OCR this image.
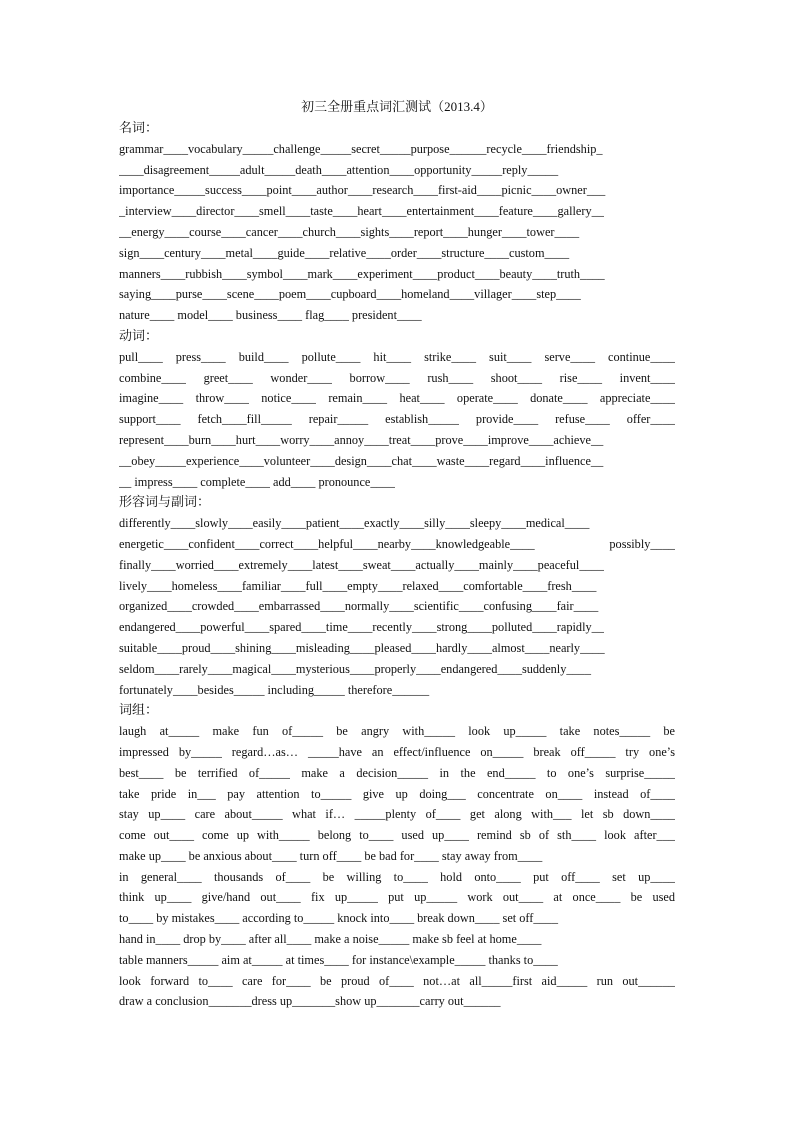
初三全册重点词汇测试（2013.4）
名词：
grammar____vocabulary_____challenge_____secret_____purpose______recycle____friendship_
____disagreement_____adult_____death____attention____opportunity_____reply_____
importance_____success____point____author____research____first-aid____picnic____owner___
_interview____director____smell____taste____heart____entertainment____feature____gallery__
__energy____course____cancer____church____sights____report____hunger____tower____
sign____century____metal____guide____relative____order____structure____custom____
manners____rubbish____symbol____mark____experiment____product____beauty____truth____
saying____purse____scene____poem____cupboard____homeland____villager____step____
nature____ model____ business____ flag____ president____
动词：
pull____ press____ build____ pollute____ hit____ strike____ suit____ serve____ continue____
combine____ greet____ wonder____ borrow____ rush____ shoot____ rise____ invent____
imagine____ throw____ notice____ remain____ heat____ operate____ donate____ appreciate____
support____ fetch____fill_____ repair_____ establish_____ provide____ refuse____ offer____
represent____burn____hurt____worry____annoy____treat____prove____improve____achieve__
__obey_____experience____volunteer____design____chat____waste____regard____influence__
__ impress____ complete____ add____ pronounce____
形容词与副词：
differently____slowly____easily____patient____exactly____silly____sleepy____medical____
energetic____confident____correct____helpful____nearby____knowledgeable____ possibly____
finally____worried____extremely____latest____sweat____actually____mainly____peaceful____
lively____homeless____familiar____full____empty____relaxed____comfortable____fresh____
organized____crowded____embarrassed____normally____scientific____confusing____fair____
endangered____powerful____spared____time____recently____strong____polluted____rapidly__
suitable____proud____shining____misleading____pleased____hardly____almost____nearly____
seldom____rarely____magical____mysterious____properly____endangered____suddenly____
fortunately____besides_____ including_____ therefore______
词组：
laugh at_____ make fun of_____ be angry with_____ look up_____ take notes_____ be
impressed by_____ regard…as… _____have an effect/influence on_____ break off_____ try one’s
best____ be terrified of_____ make a decision_____ in the end_____ to one’s surprise_____
take pride in___ pay attention to_____ give up doing___ concentrate on____ instead of____
stay up____ care about_____ what if… _____plenty of____ get along with___ let sb down____
come out____ come up with_____ belong to____ used up____ remind sb of sth____ look after___
make up____ be anxious about____ turn off____ be bad for____ stay away from____
in general____ thousands of____ be willing to____ hold onto____ put off____ set up____
think up____ give/hand out____ fix up_____ put up_____ work out____ at once____ be used
to____ by mistakes____ according to_____ knock into____ break down____ set off____
hand in____ drop by____ after all____ make a noise_____ make sb feel at home____
table manners_____ aim at_____ at times____ for instance\example_____ thanks to____
look forward to____ care for____ be proud of____ not…at all_____first aid_____ run out______
draw a conclusion_______dress up_______show up_______carry out______
